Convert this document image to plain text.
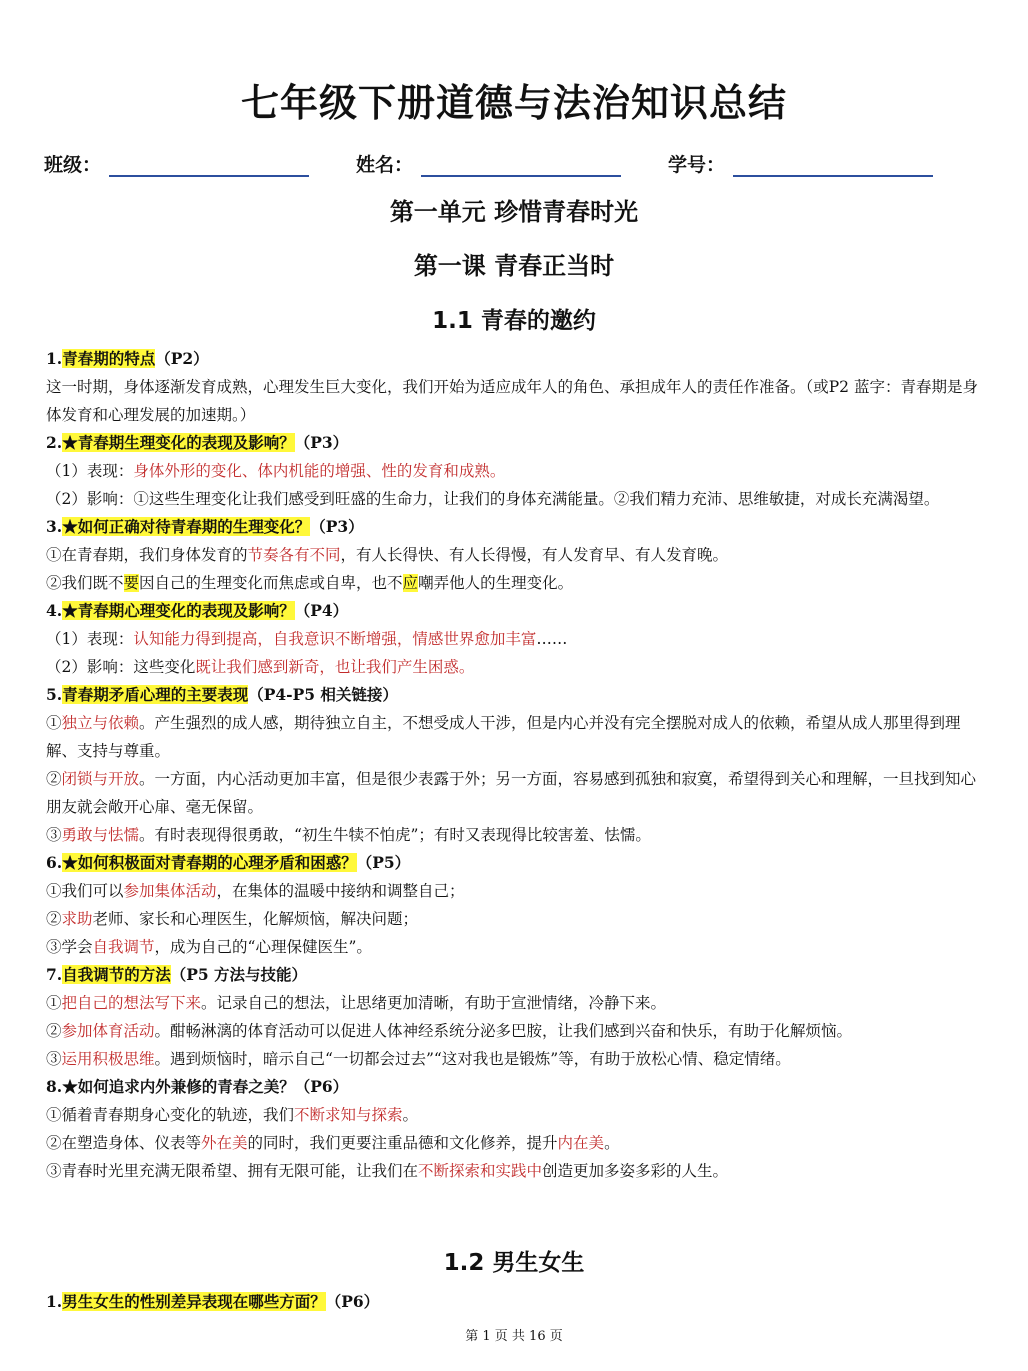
七年级下册道德与法治知识总结
班级：	姓名：	学号：
第一单元 珍惜青春时光
第一课 青春正当时
1.1 青春的邀约

1.青春期的特点（P2）

这一时期，身体逐渐发育成熟，心理发生巨大变化，我们开始为适应成年人的角色、承担成年人的责任作准备。（或P2 蓝字：青春期是身体发育和心理发展的加速期。）

2.★青春期生理变化的表现及影响？（P3）

（1）表现：身体外形的变化、体内机能的增强、性的发育和成熟。

（2）影响：①这些生理变化让我们感受到旺盛的生命力，让我们的身体充满能量。②我们精力充沛、思维敏捷，对成长充满渴望。

3.★如何正确对待青春期的生理变化？（P3）

①在青春期，我们身体发育的节奏各有不同，有人长得快、有人长得慢，有人发育早、有人发育晚。

②我们既不要因自己的生理变化而焦虑或自卑，也不应嘲弄他人的生理变化。

4.★青春期心理变化的表现及影响？（P4）

（1）表现：认知能力得到提高，自我意识不断增强，情感世界愈加丰富……

（2）影响：这些变化既让我们感到新奇，也让我们产生困惑。

5.青春期矛盾心理的主要表现（P4-P5 相关链接）

①独立与依赖。产生强烈的成人感，期待独立自主，不想受成人干涉，但是内心并没有完全摆脱对成人的依赖，希望从成人那里得到理解、支持与尊重。

②闭锁与开放。一方面，内心活动更加丰富，但是很少表露于外；另一方面，容易感到孤独和寂寞，希望得到关心和理解，一旦找到知心朋友就会敞开心扉、毫无保留。

③勇敢与怯懦。有时表现得很勇敢，“初生牛犊不怕虎”；有时又表现得比较害羞、怯懦。

6.★如何积极面对青春期的心理矛盾和困惑？（P5）

①我们可以参加集体活动，在集体的温暖中接纳和调整自己；

②求助老师、家长和心理医生，化解烦恼，解决问题；

③学会自我调节，成为自己的“心理保健医生”。

7.自我调节的方法（P5 方法与技能）

①把自己的想法写下来。记录自己的想法，让思绪更加清晰，有助于宣泄情绪，冷静下来。

②参加体育活动。酣畅淋漓的体育活动可以促进人体神经系统分泌多巴胺，让我们感到兴奋和快乐，有助于化解烦恼。

③运用积极思维。遇到烦恼时，暗示自己“一切都会过去”“这对我也是锻炼”等，有助于放松心情、稳定情绪。

8.★如何追求内外兼修的青春之美？（P6）

①循着青春期身心变化的轨迹，我们不断求知与探索。

②在塑造身体、仪表等外在美的同时，我们更要注重品德和文化修养，提升内在美。

③青春时光里充满无限希望、拥有无限可能，让我们在不断探索和实践中创造更加多姿多彩的人生。

1.2 男生女生

1.男生女生的性别差异表现在哪些方面？（P6）

第 1 页 共 16 页
